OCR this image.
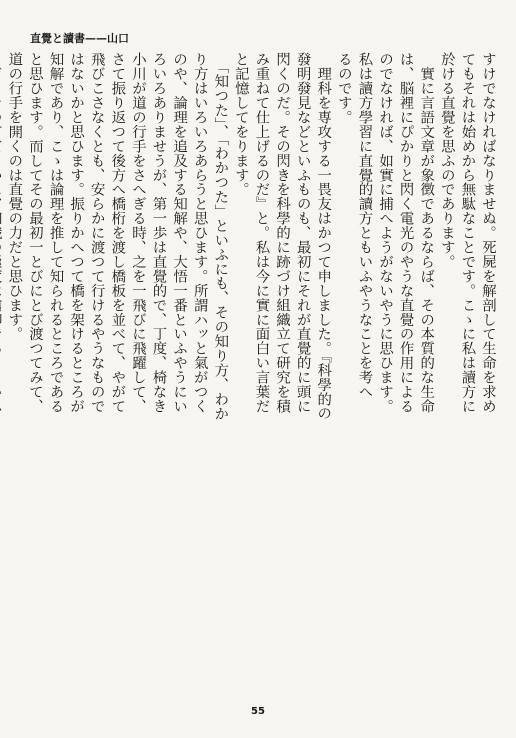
直覺と讀書——山口

すけでなければなりませぬ。死屍を解剖して生命を求め

てもそれは始めから無駄なことです。こゝに私は讀方に

於ける直覺を思ふのであります。

　實に言語文章が象徴であるならば、その本質的な生命

は、脳裡にぴかりと閃く電光のやうな直覺の作用による

のでなければ、如實に捕へようがないやうに思ひます。

私は讀方學習に直覺的讀方ともいふやうなことを考へ

るのです。

　理科を専攻する一畏友はかつて申しました。『科學的の

發明發見などといふものも、最初にそれが直覺的に頭に

閃くのだ。その閃きを科學的に跡づけ組織立て研究を積

み重ねて仕上げるのだ』と。私は今に實に面白い言葉だ

と記憶してをります。

　「知つた」、「わかつた」といふにも、その知り方、わか

り方はいろいろあらうと思ひます。所謂ハッと氣がつく

のや、論理を追及する知解や、大悟一番といふやうにい

ろいろありませうが、第一歩は直覺的で、丁度、椅なき

小川が道の行手をさへぎる時、之を一飛びに飛躍して、

さて振り返つて後方へ橋桁を渡し橋板を並べて、やがて

飛びこさなくとも、安らかに渡つて行けるやうなもので

はないかと思ひます。振りかへつて橋を架けるところが

知解であり、こゝは論理を推して知られるところである

と思ひます。而してその最初一とびにとび渡つてみて、

道の行手を開くのは直覺の力だと思ひます。

55
